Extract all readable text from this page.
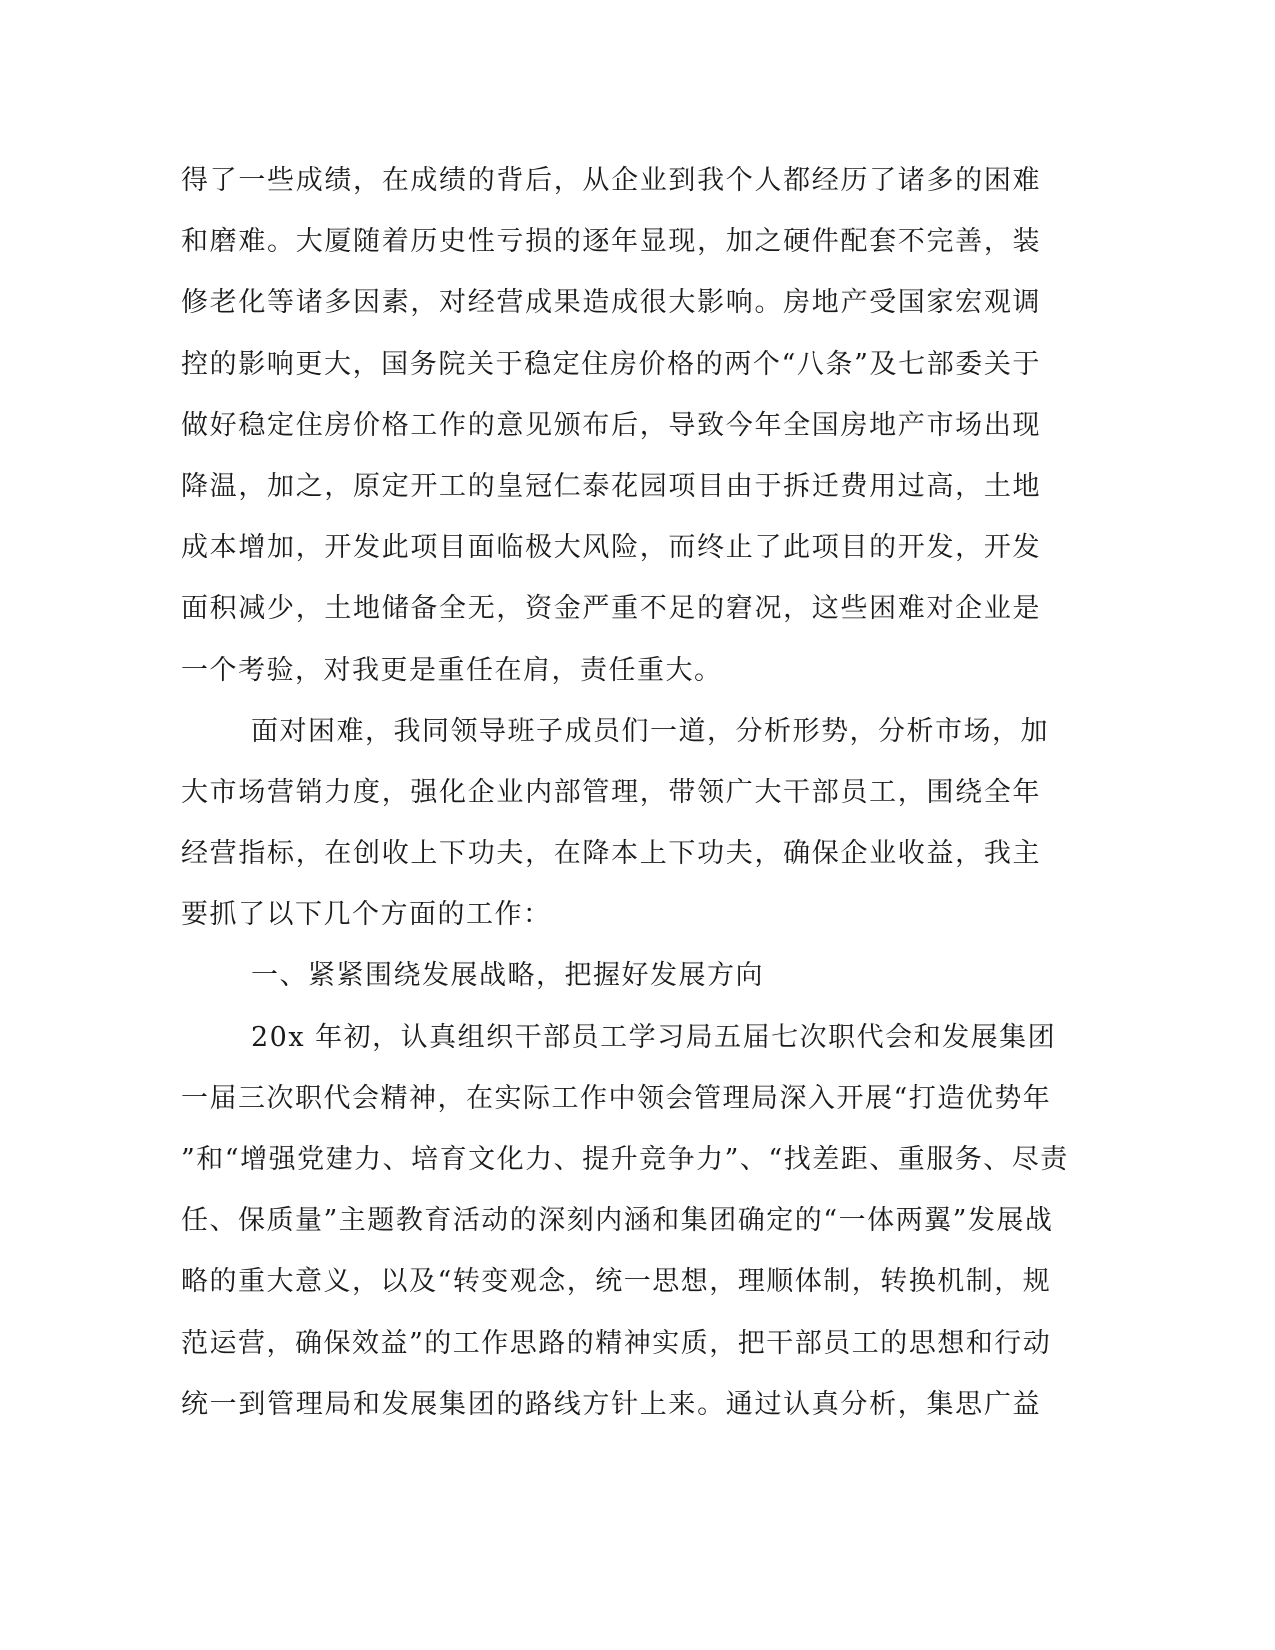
得了一些成绩，在成绩的背后，从企业到我个人都经历了诸多的困难
和磨难。大厦随着历史性亏损的逐年显现，加之硬件配套不完善，装
修老化等诸多因素，对经营成果造成很大影响。房地产受国家宏观调
控的影响更大，国务院关于稳定住房价格的两个“八条”及七部委关于
做好稳定住房价格工作的意见颁布后，导致今年全国房地产市场出现
降温，加之，原定开工的皇冠仁泰花园项目由于拆迁费用过高，土地
成本增加，开发此项目面临极大风险，而终止了此项目的开发，开发
面积减少，土地储备全无，资金严重不足的窘况，这些困难对企业是
一个考验，对我更是重任在肩，责任重大。
面对困难，我同领导班子成员们一道，分析形势，分析市场，加
大市场营销力度，强化企业内部管理，带领广大干部员工，围绕全年
经营指标，在创收上下功夫，在降本上下功夫，确保企业收益，我主
要抓了以下几个方面的工作：
一、紧紧围绕发展战略，把握好发展方向
20x 年初，认真组织干部员工学习局五届七次职代会和发展集团
一届三次职代会精神，在实际工作中领会管理局深入开展“打造优势年
”和“增强党建力、培育文化力、提升竞争力”、“找差距、重服务、尽责
任、保质量”主题教育活动的深刻内涵和集团确定的“一体两翼”发展战
略的重大意义，以及“转变观念，统一思想，理顺体制，转换机制，规
范运营，确保效益”的工作思路的精神实质，把干部员工的思想和行动
统一到管理局和发展集团的路线方针上来。通过认真分析，集思广益
